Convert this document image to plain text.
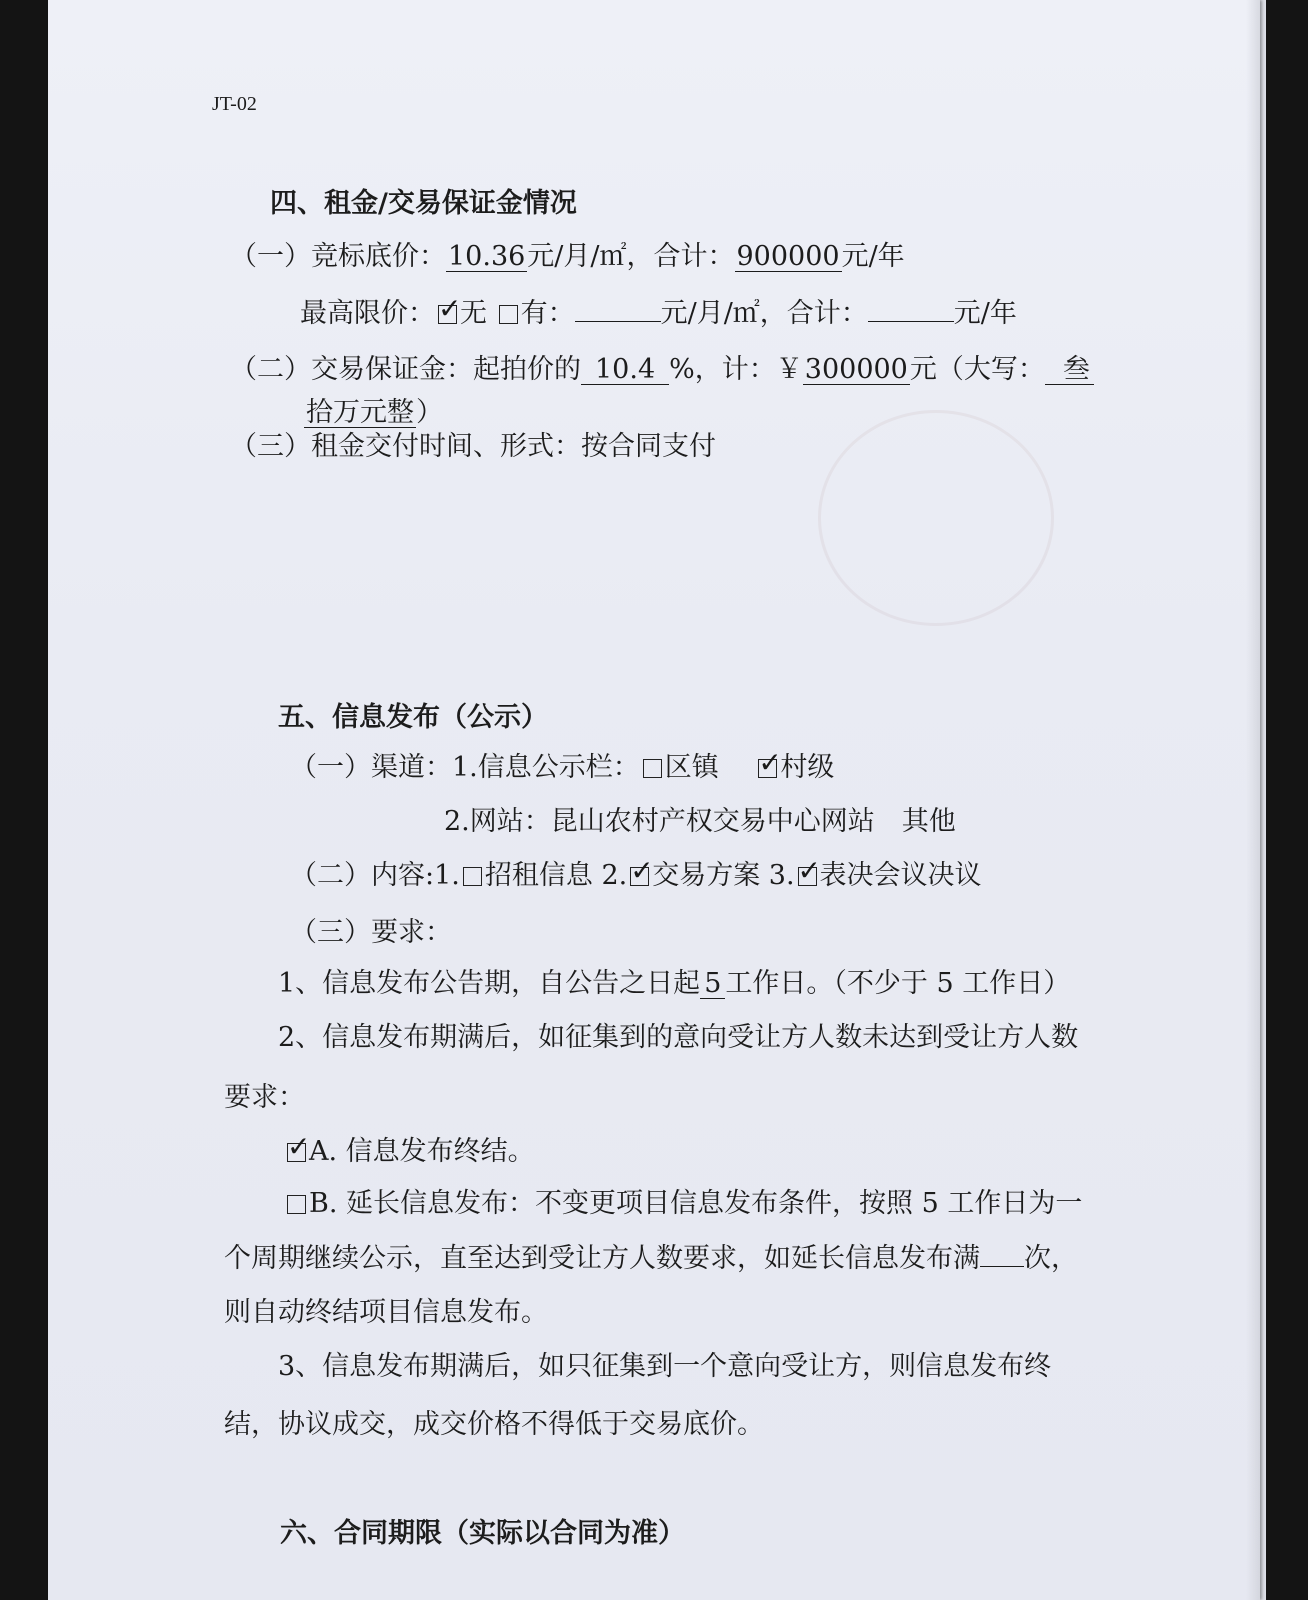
JT-02
四、租金/交易保证金情况
（一）竞标底价：10.36元/月/㎡，合计：900000元/年
最高限价： ✓ 无 有：	元/月/㎡，合计：	元/年
（二）交易保证金：起拍价的 10.4 %，计：￥300000元（大写： 叁
拾万元整）
（三）租金交付时间、形式：按合同支付
五、信息发布（公示）
（一）渠道：1.信息公示栏： 区镇 ✓ 村级
2.网站：昆山农村产权交易中心网站　其他
（二）内容:1. 招租信息 2. ✓ 交易方案 3. ✓ 表决会议决议
（三）要求：
1、信息发布公告期，自公告之日起 5 工作日。（不少于 5 工作日）
2、信息发布期满后，如征集到的意向受让方人数未达到受让方人数
要求：
✓A. 信息发布终结。
B. 延长信息发布：不变更项目信息发布条件，按照 5 工作日为一
个周期继续公示，直至达到受让方人数要求，如延长信息发布满 次，
则自动终结项目信息发布。
3、信息发布期满后，如只征集到一个意向受让方，则信息发布终
结，协议成交，成交价格不得低于交易底价。
六、合同期限（实际以合同为准）
